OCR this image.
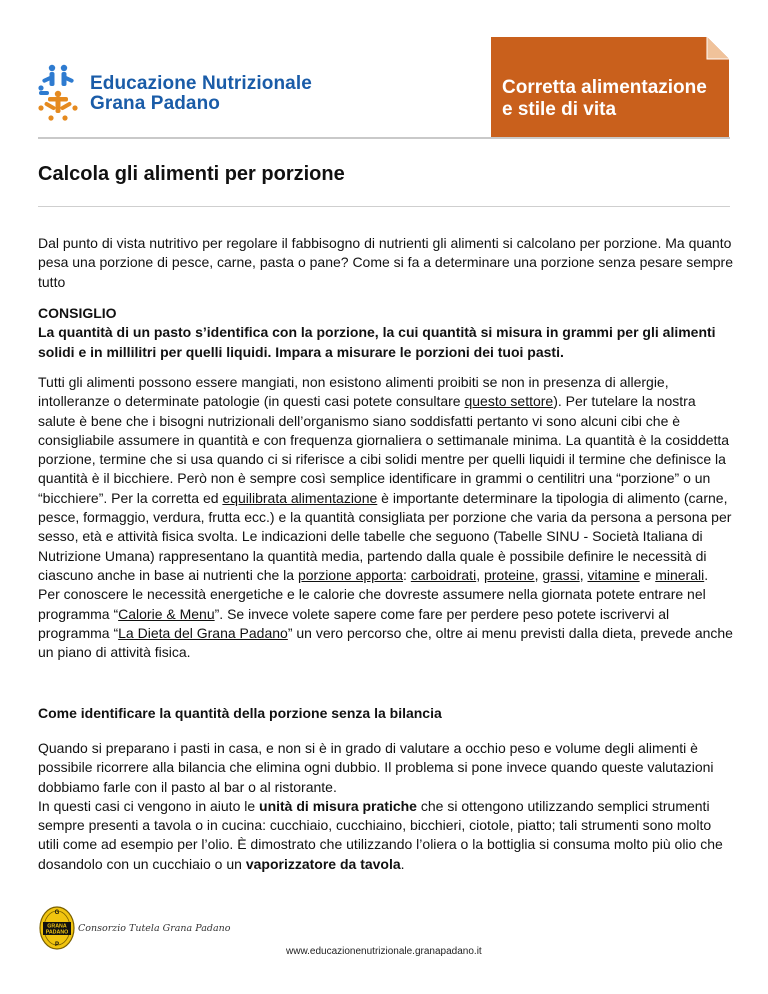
Educazione Nutrizionale
Grana Padano
Corretta alimentazione
e stile di vita
Calcola gli alimenti per porzione

Dal punto di vista nutritivo per regolare il fabbisogno di nutrienti gli alimenti si calcolano per porzione. Ma quanto pesa una porzione di pesce, carne, pasta o pane? Come si fa a determinare una porzione senza pesare sempre tutto

CONSIGLIO

La quantità di un pasto s’identifica con la porzione, la cui quantità si misura in grammi per gli alimenti solidi e in millilitri per quelli liquidi. Impara a misurare le porzioni dei tuoi pasti.

Tutti gli alimenti possono essere mangiati, non esistono alimenti proibiti se non in presenza di allergie, intolleranze o determinate patologie (in questi casi potete consultare questo settore). Per tutelare la nostra salute è bene che i bisogni nutrizionali dell’organismo siano soddisfatti pertanto vi sono alcuni cibi che è consigliabile assumere in quantità e con frequenza giornaliera o settimanale minima. La quantità è la cosiddetta porzione, termine che si usa quando ci si riferisce a cibi solidi mentre per quelli liquidi il termine che definisce la quantità è il bicchiere. Però non è sempre così semplice identificare in grammi o centilitri una “porzione” o un “bicchiere”. Per la corretta ed equilibrata alimentazione è importante determinare la tipologia di alimento (carne, pesce, formaggio, verdura, frutta ecc.) e la quantità consigliata per porzione che varia da persona a persona per sesso, età e attività fisica svolta. Le indicazioni delle tabelle che seguono (Tabelle SINU - Società Italiana di Nutrizione Umana) rappresentano la quantità media, partendo dalla quale è possibile definire le necessità di ciascuno anche in base ai nutrienti che la porzione apporta: carboidrati, proteine, grassi, vitamine e minerali.

Per conoscere le necessità energetiche e le calorie che dovreste assumere nella giornata potete entrare nel programma “Calorie & Menu”. Se invece volete sapere come fare per perdere peso potete iscrivervi al programma “La Dieta del Grana Padano” un vero percorso che, oltre ai menu previsti dalla dieta, prevede anche un piano di attività fisica.

Come identificare la quantità della porzione senza la bilancia

Quando si preparano i pasti in casa, e non si è in grado di valutare a occhio peso e volume degli alimenti è possibile ricorrere alla bilancia che elimina ogni dubbio. Il problema si pone invece quando queste valutazioni dobbiamo farle con il pasto al bar o al ristorante.

In questi casi ci vengono in aiuto le unità di misura pratiche che si ottengono utilizzando semplici strumenti sempre presenti a tavola o in cucina: cucchiaio, cucchiaino, bicchieri, ciotole, piatto; tali strumenti sono molto utili come ad esempio per l’olio. È dimostrato che utilizzando l’oliera o la bottiglia si consuma molto più olio che dosandolo con un cucchiaio o un vaporizzatore da tavola.

G
GRANA
PADANO
P
Consorzio Tutela Grana Padano
www.educazionenutrizionale.granapadano.it
